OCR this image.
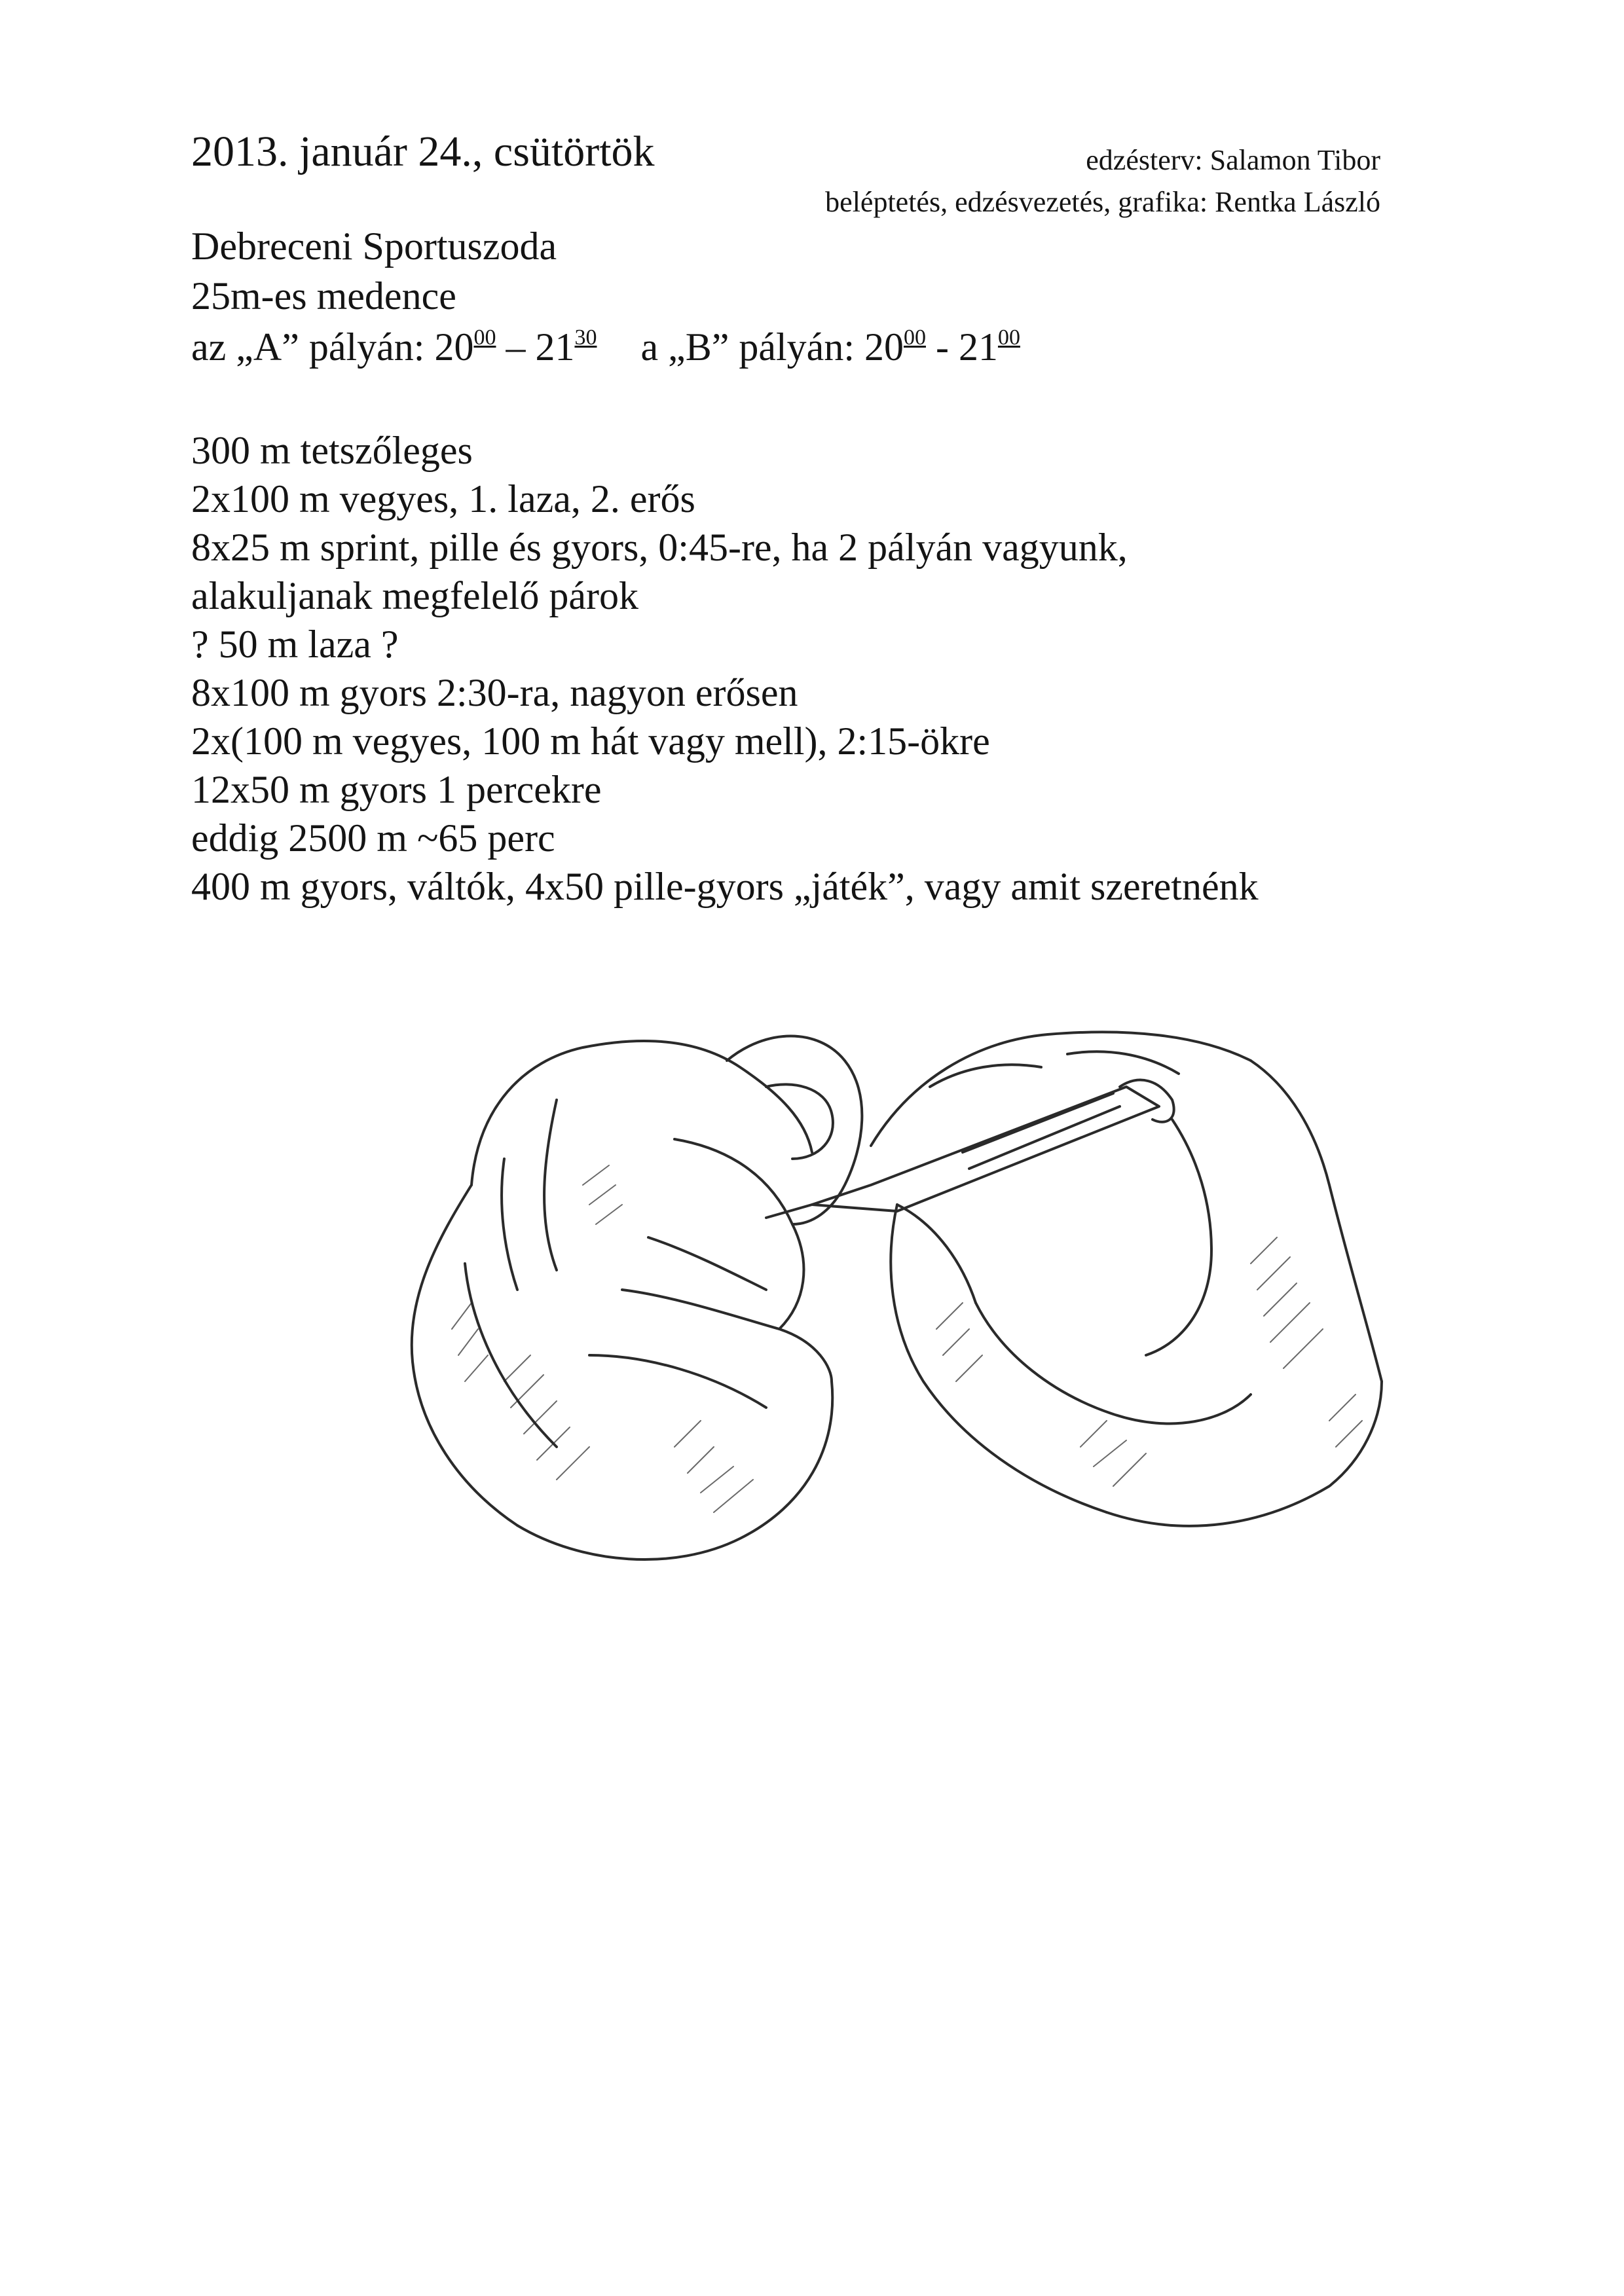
2013. január 24., csütörtök	edzésterv: Salamon Tibor
beléptetés, edzésvezetés, grafika: Rentka László
Debreceni Sportuszoda
25m-es medence
az „A” pályán: $20^{00} - 21^{30}$ a „B” pályán: $20^{00} - 21^{00}$
300 m tetszőleges
2x100 m vegyes, 1. laza, 2. erős
8x25 m sprint, pille és gyors, 0:45-re, ha 2 pályán vagyunk,
alakuljanak megfelelő párok
? 50 m laza ?
8x100 m gyors 2:30-ra, nagyon erősen
2x(100 m vegyes, 100 m hát vagy mell), 2:15-ökre
12x50 m gyors 1 percekre
eddig 2500 m ~65 perc
400 m gyors, váltók, 4x50 pille-gyors „játék”, vagy amit szeretnénk
